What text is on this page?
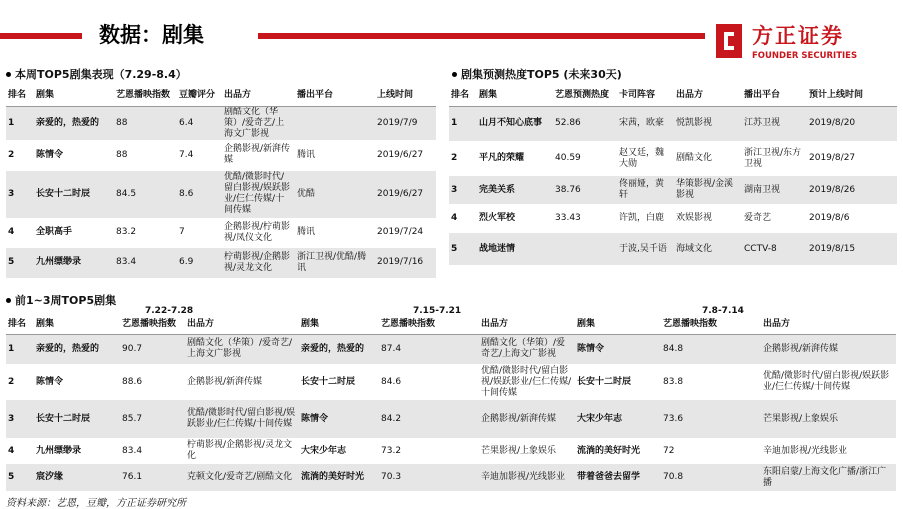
数据：剧集	方正证券
FOUNDER SECURITIES
本周TOP5剧集表现（7.29-8.4）
排名	剧集	艺恩播映指数	豆瓣评分	出品方	播出平台	上线时间
1	亲爱的，热爱的	88	6.4	剧酷文化（华策）/爱奇艺/上海文广影视		2019/7/9
2	陈情令	88	7.4	企鹅影视/新湃传媒	腾讯	2019/6/27
3	长安十二时辰	84.5	8.6	优酷/微影时代/留白影视/娱跃影业/仨仁传媒/十间传媒	优酷	2019/6/27
4	全职高手	83.2	7	企鹅影视/柠萌影视/凤仪文化	腾讯	2019/7/24
5	九州缥缈录	83.4	6.9	柠萌影视/企鹅影视/灵龙文化	浙江卫视/优酷/腾讯	2019/7/16
剧集预测热度TOP5 (未来30天)
排名	剧集	艺恩预测热度	卡司阵容	出品方	播出平台	预计上线时间
1	山月不知心底事	52.86	宋茜，欧豪	悦凯影视	江苏卫视	2019/8/20
2	平凡的荣耀	40.59	赵又廷，魏大勋	剧酷文化	浙江卫视/东方卫视	2019/8/27
3	完美关系	38.76	佟丽娅，黄轩	华策影视/金溪影视	湖南卫视	2019/8/26
4	烈火军校	33.43	许凯，白鹿	欢娱影视	爱奇艺	2019/8/6
5	战地迷情		于波,吴千语	海域文化	CCTV-8	2019/8/15
前1~3周TOP5剧集
7.22-7.28	7.15-7.21	7.8-7.14
排名	剧集	艺恩播映指数	出品方	剧集	艺恩播映指数	出品方	剧集	艺恩播映指数	出品方
1	亲爱的，热爱的	90.7	剧酷文化（华策）/爱奇艺/上海文广影视	亲爱的，热爱的	87.4	剧酷文化（华策）/爱奇艺/上海文广影视	陈情令	84.8	企鹅影视/新湃传媒
2	陈情令	88.6	企鹅影视/新湃传媒	长安十二时辰	84.6	优酷/微影时代/留白影视/娱跃影业/仨仁传媒/十间传媒	长安十二时辰	83.8	优酷/微影时代/留白影视/娱跃影业/仨仁传媒/十间传媒
3	长安十二时辰	85.7	优酷/微影时代/留白影视/娱跃影业/仨仁传媒/十间传媒	陈情令	84.2	企鹅影视/新湃传媒	大宋少年志	73.6	芒果影视/上象娱乐
4	九州缥缈录	83.4	柠萌影视/企鹅影视/灵龙文化	大宋少年志	73.2	芒果影视/上象娱乐	流淌的美好时光	72	辛迪加影视/光线影业
5	宸汐缘	76.1	克顿文化/爱奇艺/剧酷文化	流淌的美好时光	70.3	辛迪加影视/光线影业	带着爸爸去留学	70.8	东阳启蒙/上海文化广播/浙江广播
资料来源：艺恩，豆瓣，方正证券研究所
